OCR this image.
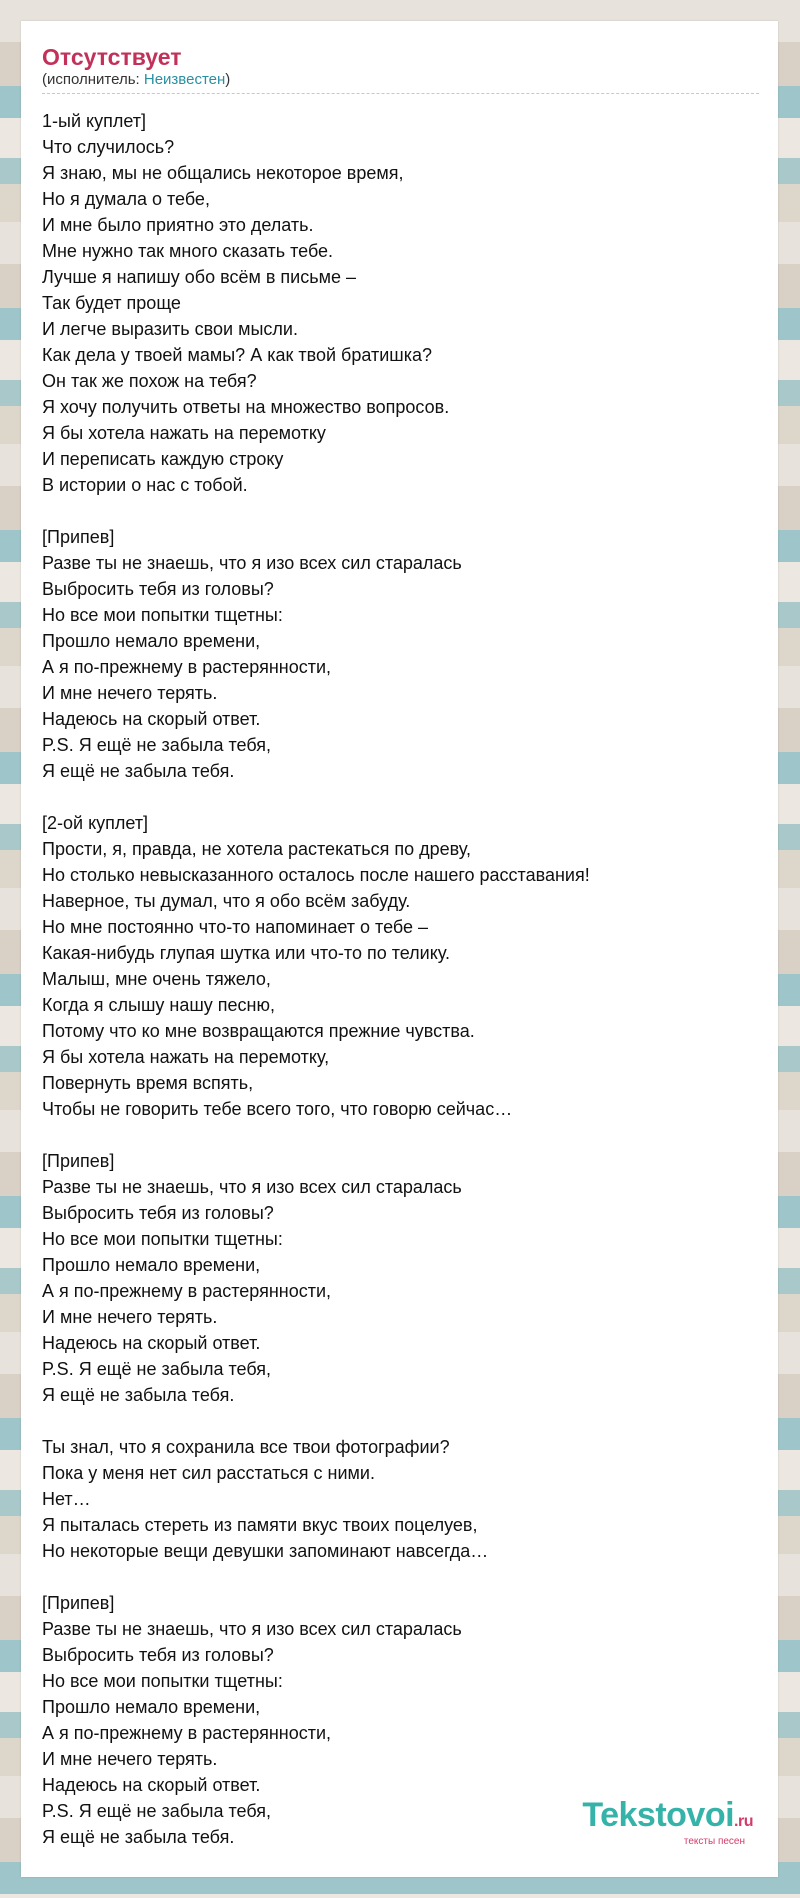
Отсутствует
(исполнитель: Неизвестен)
1-ый куплет]
Что случилось?
Я знаю, мы не общались некоторое время,
Но я думала о тебе,
И мне было приятно это делать.
Мне нужно так много сказать тебе.
Лучше я напишу обо всём в письме –
Так будет проще
И легче выразить свои мысли.
Как дела у твоей мамы? А как твой братишка?
Он так же похож на тебя?
Я хочу получить ответы на множество вопросов.
Я бы хотела нажать на перемотку
И переписать каждую строку
В истории о нас с тобой.
[Припев]
Разве ты не знаешь, что я изо всех сил старалась
Выбросить тебя из головы?
Но все мои попытки тщетны:
Прошло немало времени,
А я по-прежнему в растерянности,
И мне нечего терять.
Надеюсь на скорый ответ.
P.S. Я ещё не забыла тебя,
Я ещё не забыла тебя.
[2-ой куплет]
Прости, я, правда, не хотела растекаться по древу,
Но столько невысказанного осталось после нашего расставания!
Наверное, ты думал, что я обо всём забуду.
Но мне постоянно что-то напоминает о тебе –
Какая-нибудь глупая шутка или что-то по телику.
Малыш, мне очень тяжело,
Когда я слышу нашу песню,
Потому что ко мне возвращаются прежние чувства.
Я бы хотела нажать на перемотку,
Повернуть время вспять,
Чтобы не говорить тебе всего того, что говорю сейчас…
[Припев]
Разве ты не знаешь, что я изо всех сил старалась
Выбросить тебя из головы?
Но все мои попытки тщетны:
Прошло немало времени,
А я по-прежнему в растерянности,
И мне нечего терять.
Надеюсь на скорый ответ.
P.S. Я ещё не забыла тебя,
Я ещё не забыла тебя.
Ты знал, что я сохранила все твои фотографии?
Пока у меня нет сил расстаться с ними.
Нет…
Я пыталась стереть из памяти вкус твоих поцелуев,
Но некоторые вещи девушки запоминают навсегда…
[Припев]
Разве ты не знаешь, что я изо всех сил старалась
Выбросить тебя из головы?
Но все мои попытки тщетны:
Прошло немало времени,
А я по-прежнему в растерянности,
И мне нечего терять.
Надеюсь на скорый ответ.
P.S. Я ещё не забыла тебя,
Я ещё не забыла тебя.
Tekstovoi.ru
тексты песен
